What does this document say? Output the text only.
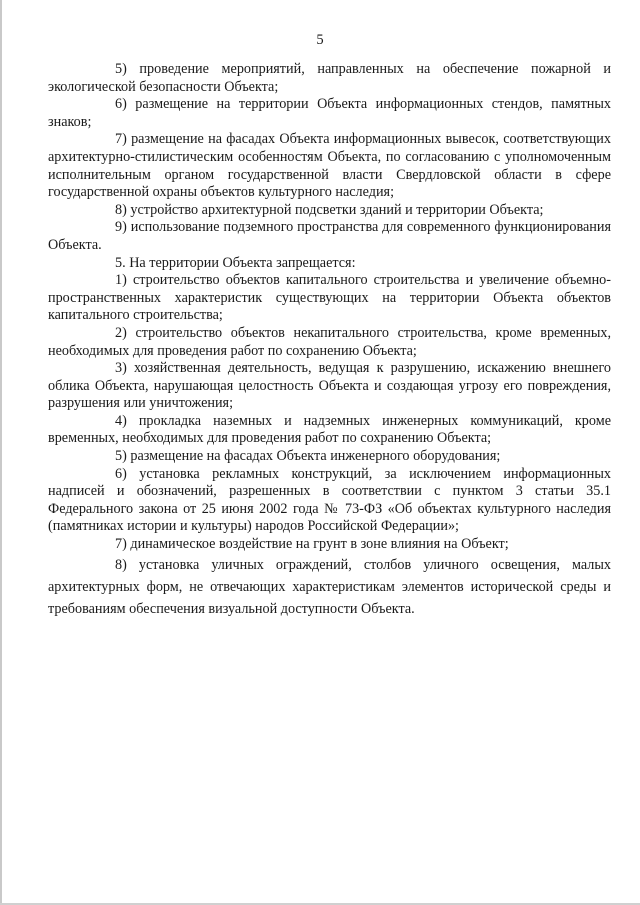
5

5) проведение мероприятий, направленных на обеспечение пожарной и экологической безопасности Объекта;

6) размещение на территории Объекта информационных стендов, памятных знаков;

7) размещение на фасадах Объекта информационных вывесок, соответствующих архитектурно-стилистическим особенностям Объекта, по согласованию с уполномоченным исполнительным органом государственной власти Свердловской области в сфере государственной охраны объектов культурного наследия;

8) устройство архитектурной подсветки зданий и территории Объекта;

9) использование подземного пространства для современного функционирования Объекта.

5. На территории Объекта запрещается:

1) строительство объектов капитального строительства и увеличение объемно-пространственных характеристик существующих на территории Объекта объектов капитального строительства;

2) строительство объектов некапитального строительства, кроме временных, необходимых для проведения работ по сохранению Объекта;

3) хозяйственная деятельность, ведущая к разрушению, искажению внешнего облика Объекта, нарушающая целостность Объекта и создающая угрозу его повреждения, разрушения или уничтожения;

4) прокладка наземных и надземных инженерных коммуникаций, кроме временных, необходимых для проведения работ по сохранению Объекта;

5) размещение на фасадах Объекта инженерного оборудования;

6) установка рекламных конструкций, за исключением информационных надписей и обозначений, разрешенных в соответствии с пунктом 3 статьи 35.1 Федерального закона от 25 июня 2002 года № 73-ФЗ «Об объектах культурного наследия (памятниках истории и культуры) народов Российской Федерации»;

7) динамическое воздействие на грунт в зоне влияния на Объект;

8) установка уличных ограждений, столбов уличного освещения, малых архитектурных форм, не отвечающих характеристикам элементов исторической среды и требованиям обеспечения визуальной доступности Объекта.
